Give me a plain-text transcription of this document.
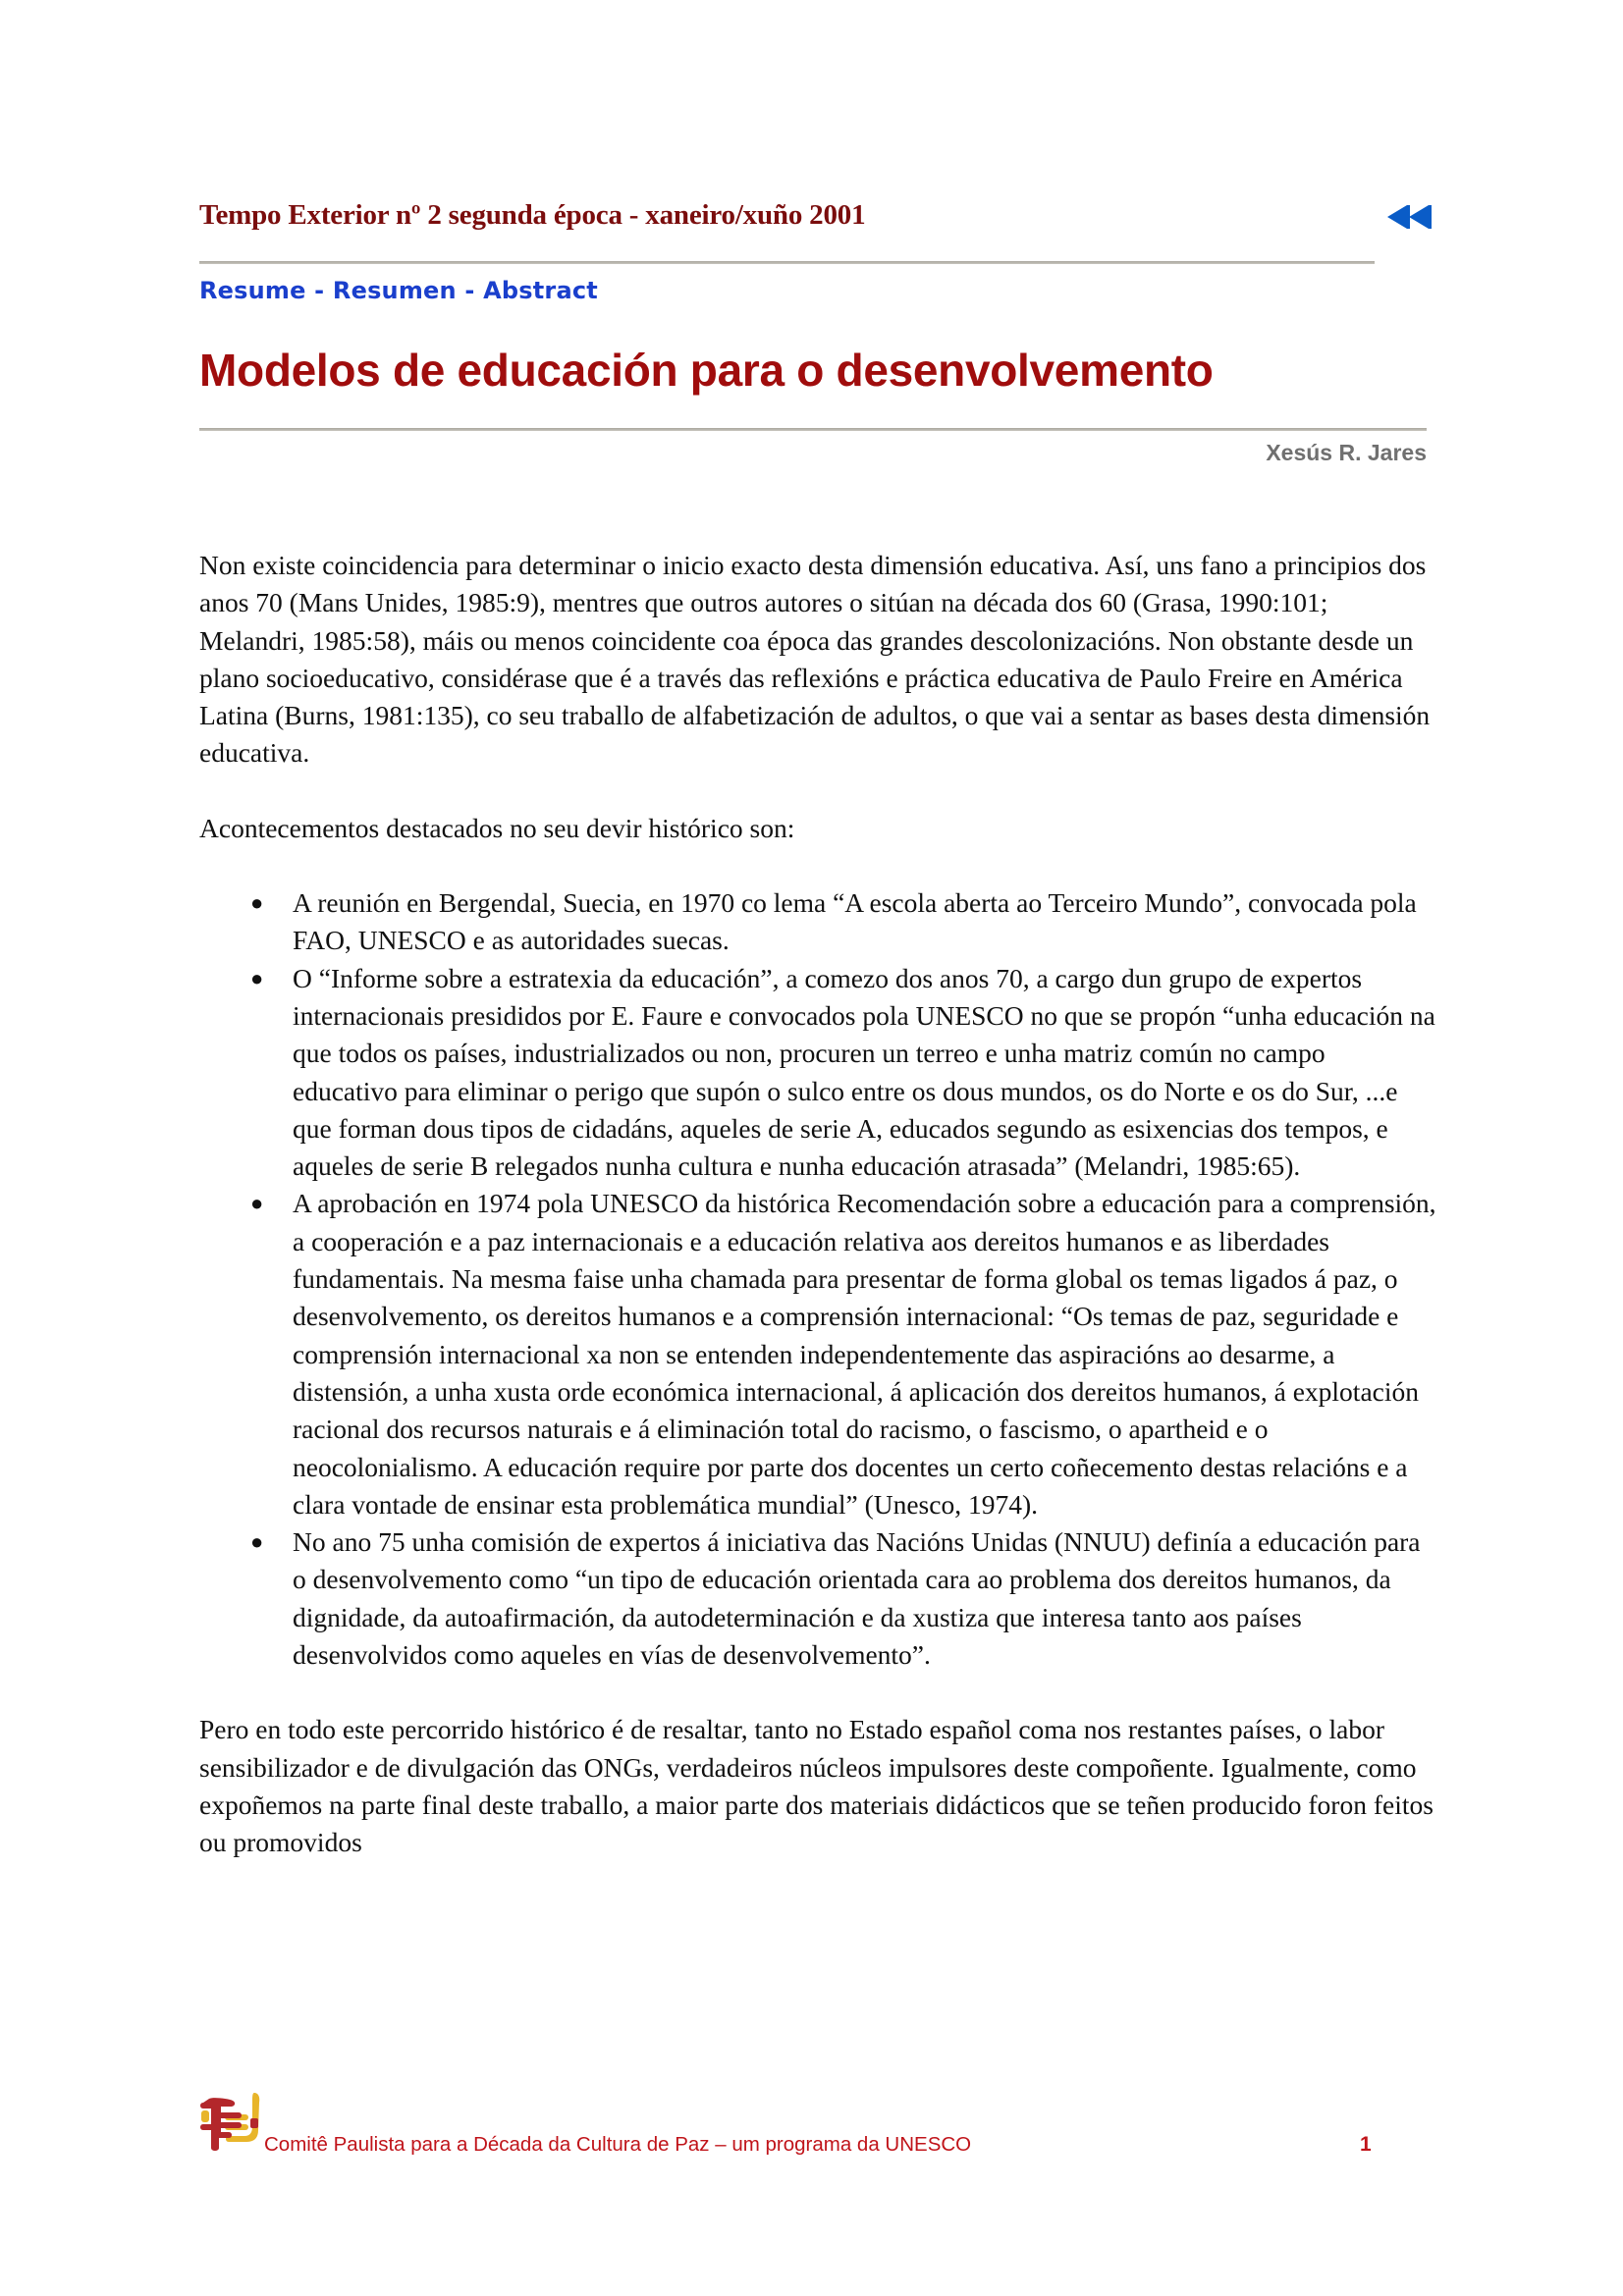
Tempo Exterior nº 2 segunda época - xaneiro/xuño 2001
Resume - Resumen - Abstract
Modelos de educación para o desenvolvemento
Xesús R. Jares

Non existe coincidencia para determinar o inicio exacto desta dimensión educativa. Así, uns fano a principios dos anos 70 (Mans Unides, 1985:9), mentres que outros autores o sitúan na década dos 60 (Grasa, 1990:101; Melandri, 1985:58), máis ou menos coincidente coa época das grandes descolonizacións. Non obstante desde un plano socioeducativo, considérase que é a través das reflexións e práctica educativa de Paulo Freire en América Latina (Burns, 1981:135), co seu traballo de alfabetización de adultos, o que vai a sentar as bases desta dimensión educativa.

Acontecementos destacados no seu devir histórico son:

● A reunión en Bergendal, Suecia, en 1970 co lema “A escola aberta ao Terceiro Mundo”, convocada pola FAO, UNESCO e as autoridades suecas.
● O “Informe sobre a estratexia da educación”, a comezo dos anos 70, a cargo dun grupo de expertos internacionais presididos por E. Faure e convocados pola UNESCO no que se propón “unha educación na que todos os países, industrializados ou non, procuren un terreo e unha matriz común no campo educativo para eliminar o perigo que supón o sulco entre os dous mundos, os do Norte e os do Sur, ...e que forman dous tipos de cidadáns, aqueles de serie A, educados segundo as esixencias dos tempos, e aqueles de serie B relegados nunha cultura e nunha educación atrasada” (Melandri, 1985:65).
● A aprobación en 1974 pola UNESCO da histórica Recomendación sobre a educación para a comprensión, a cooperación e a paz internacionais e a educación relativa aos dereitos humanos e as liberdades fundamentais. Na mesma faise unha chamada para presentar de forma global os temas ligados á paz, o desenvolvemento, os dereitos humanos e a comprensión internacional: “Os temas de paz, seguridade e comprensión internacional xa non se entenden independentemente das aspiracións ao desarme, a distensión, a unha xusta orde económica internacional, á aplicación dos dereitos humanos, á explotación racional dos recursos naturais e á eliminación total do racismo, o fascismo, o apartheid e o neocolonialismo. A educación require por parte dos docentes un certo coñecemento destas relacións e a clara vontade de ensinar esta problemática mundial” (Unesco, 1974).
● No ano 75 unha comisión de expertos á iniciativa das Nacións Unidas (NNUU) definía a educación para o desenvolvemento como “un tipo de educación orientada cara ao problema dos dereitos humanos, da dignidade, da autoafirmación, da autodeterminación e da xustiza que interesa tanto aos países desenvolvidos como aqueles en vías de desenvolvemento”.

Pero en todo este percorrido histórico é de resaltar, tanto no Estado español coma nos restantes países, o labor sensibilizador e de divulgación das ONGs, verdadeiros núcleos impulsores deste compoñente. Igualmente, como expoñemos na parte final deste traballo, a maior parte dos materiais didácticos que se teñen producido foron feitos ou promovidos

Comitê Paulista para a Década da Cultura de Paz – um programa da UNESCO	1
